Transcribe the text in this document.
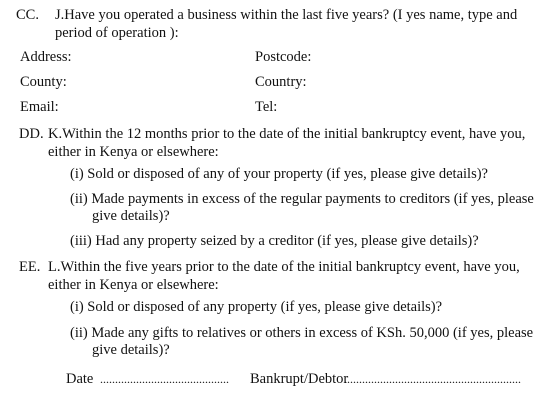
CC. J.Have you operated a business within the last five years? (I yes name, type and
period of operation ):
Address:	Postcode:
County:	Country:
Email:	Tel:
DD. K.Within the 12 months prior to the date of the initial bankruptcy event, have you,
either in Kenya or elsewhere:
(i) Sold or disposed of any of your property (if yes, please give details)?
(ii) Made payments in excess of the regular payments to creditors (if yes, please
give details)?
(iii) Had any property seized by a creditor (if yes, please give details)?
EE. L.Within the five years prior to the date of the initial bankruptcy event, have you,
either in Kenya or elsewhere:
(i) Sold or disposed of any property (if yes, please give details)?
(ii) Made any gifts to relatives or others in excess of KSh. 50,000 (if yes, please
give details)?
Date ........................................... Bankrupt/Debtor
...........................................................
